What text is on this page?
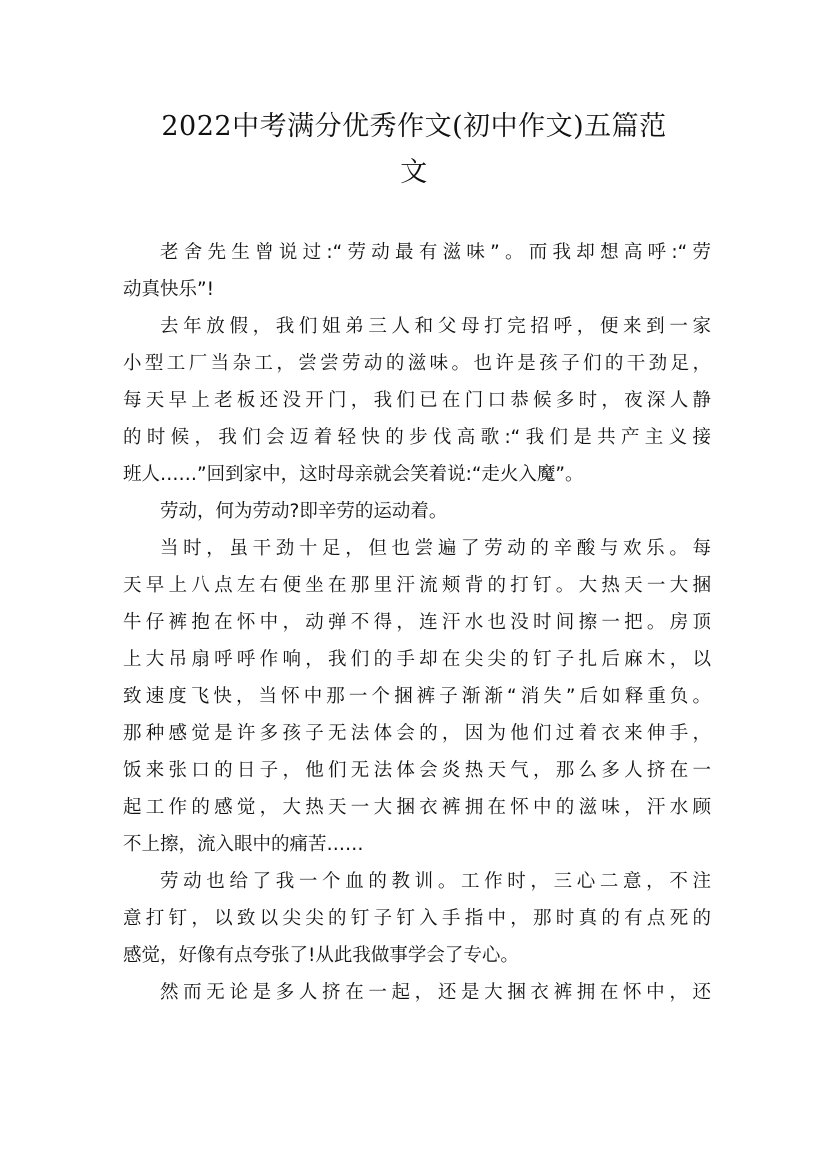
2022中考满分优秀作文(初中作文)五篇范
文

老舍先生曾说过:“劳动最有滋味”。而我却想高呼:“劳
动真快乐”!

去年放假，我们姐弟三人和父母打完招呼，便来到一家
小型工厂当杂工，尝尝劳动的滋味。也许是孩子们的干劲足，
每天早上老板还没开门，我们已在门口恭候多时，夜深人静
的时候，我们会迈着轻快的步伐高歌:“我们是共产主义接
班人……”回到家中，这时母亲就会笑着说:“走火入魔”。

劳动，何为劳动?即辛劳的运动着。

当时，虽干劲十足，但也尝遍了劳动的辛酸与欢乐。每
天早上八点左右便坐在那里汗流颊背的打钉。大热天一大捆
牛仔裤抱在怀中，动弹不得，连汗水也没时间擦一把。房顶
上大吊扇呼呼作响，我们的手却在尖尖的钉子扎后麻木，以
致速度飞快，当怀中那一个捆裤子渐渐“消失”后如释重负。
那种感觉是许多孩子无法体会的，因为他们过着衣来伸手，
饭来张口的日子，他们无法体会炎热天气，那么多人挤在一
起工作的感觉，大热天一大捆衣裤拥在怀中的滋味，汗水顾
不上擦，流入眼中的痛苦……

劳动也给了我一个血的教训。工作时，三心二意，不注
意打钉，以致以尖尖的钉子钉入手指中，那时真的有点死的
感觉，好像有点夸张了!从此我做事学会了专心。

然而无论是多人挤在一起，还是大捆衣裤拥在怀中，还
